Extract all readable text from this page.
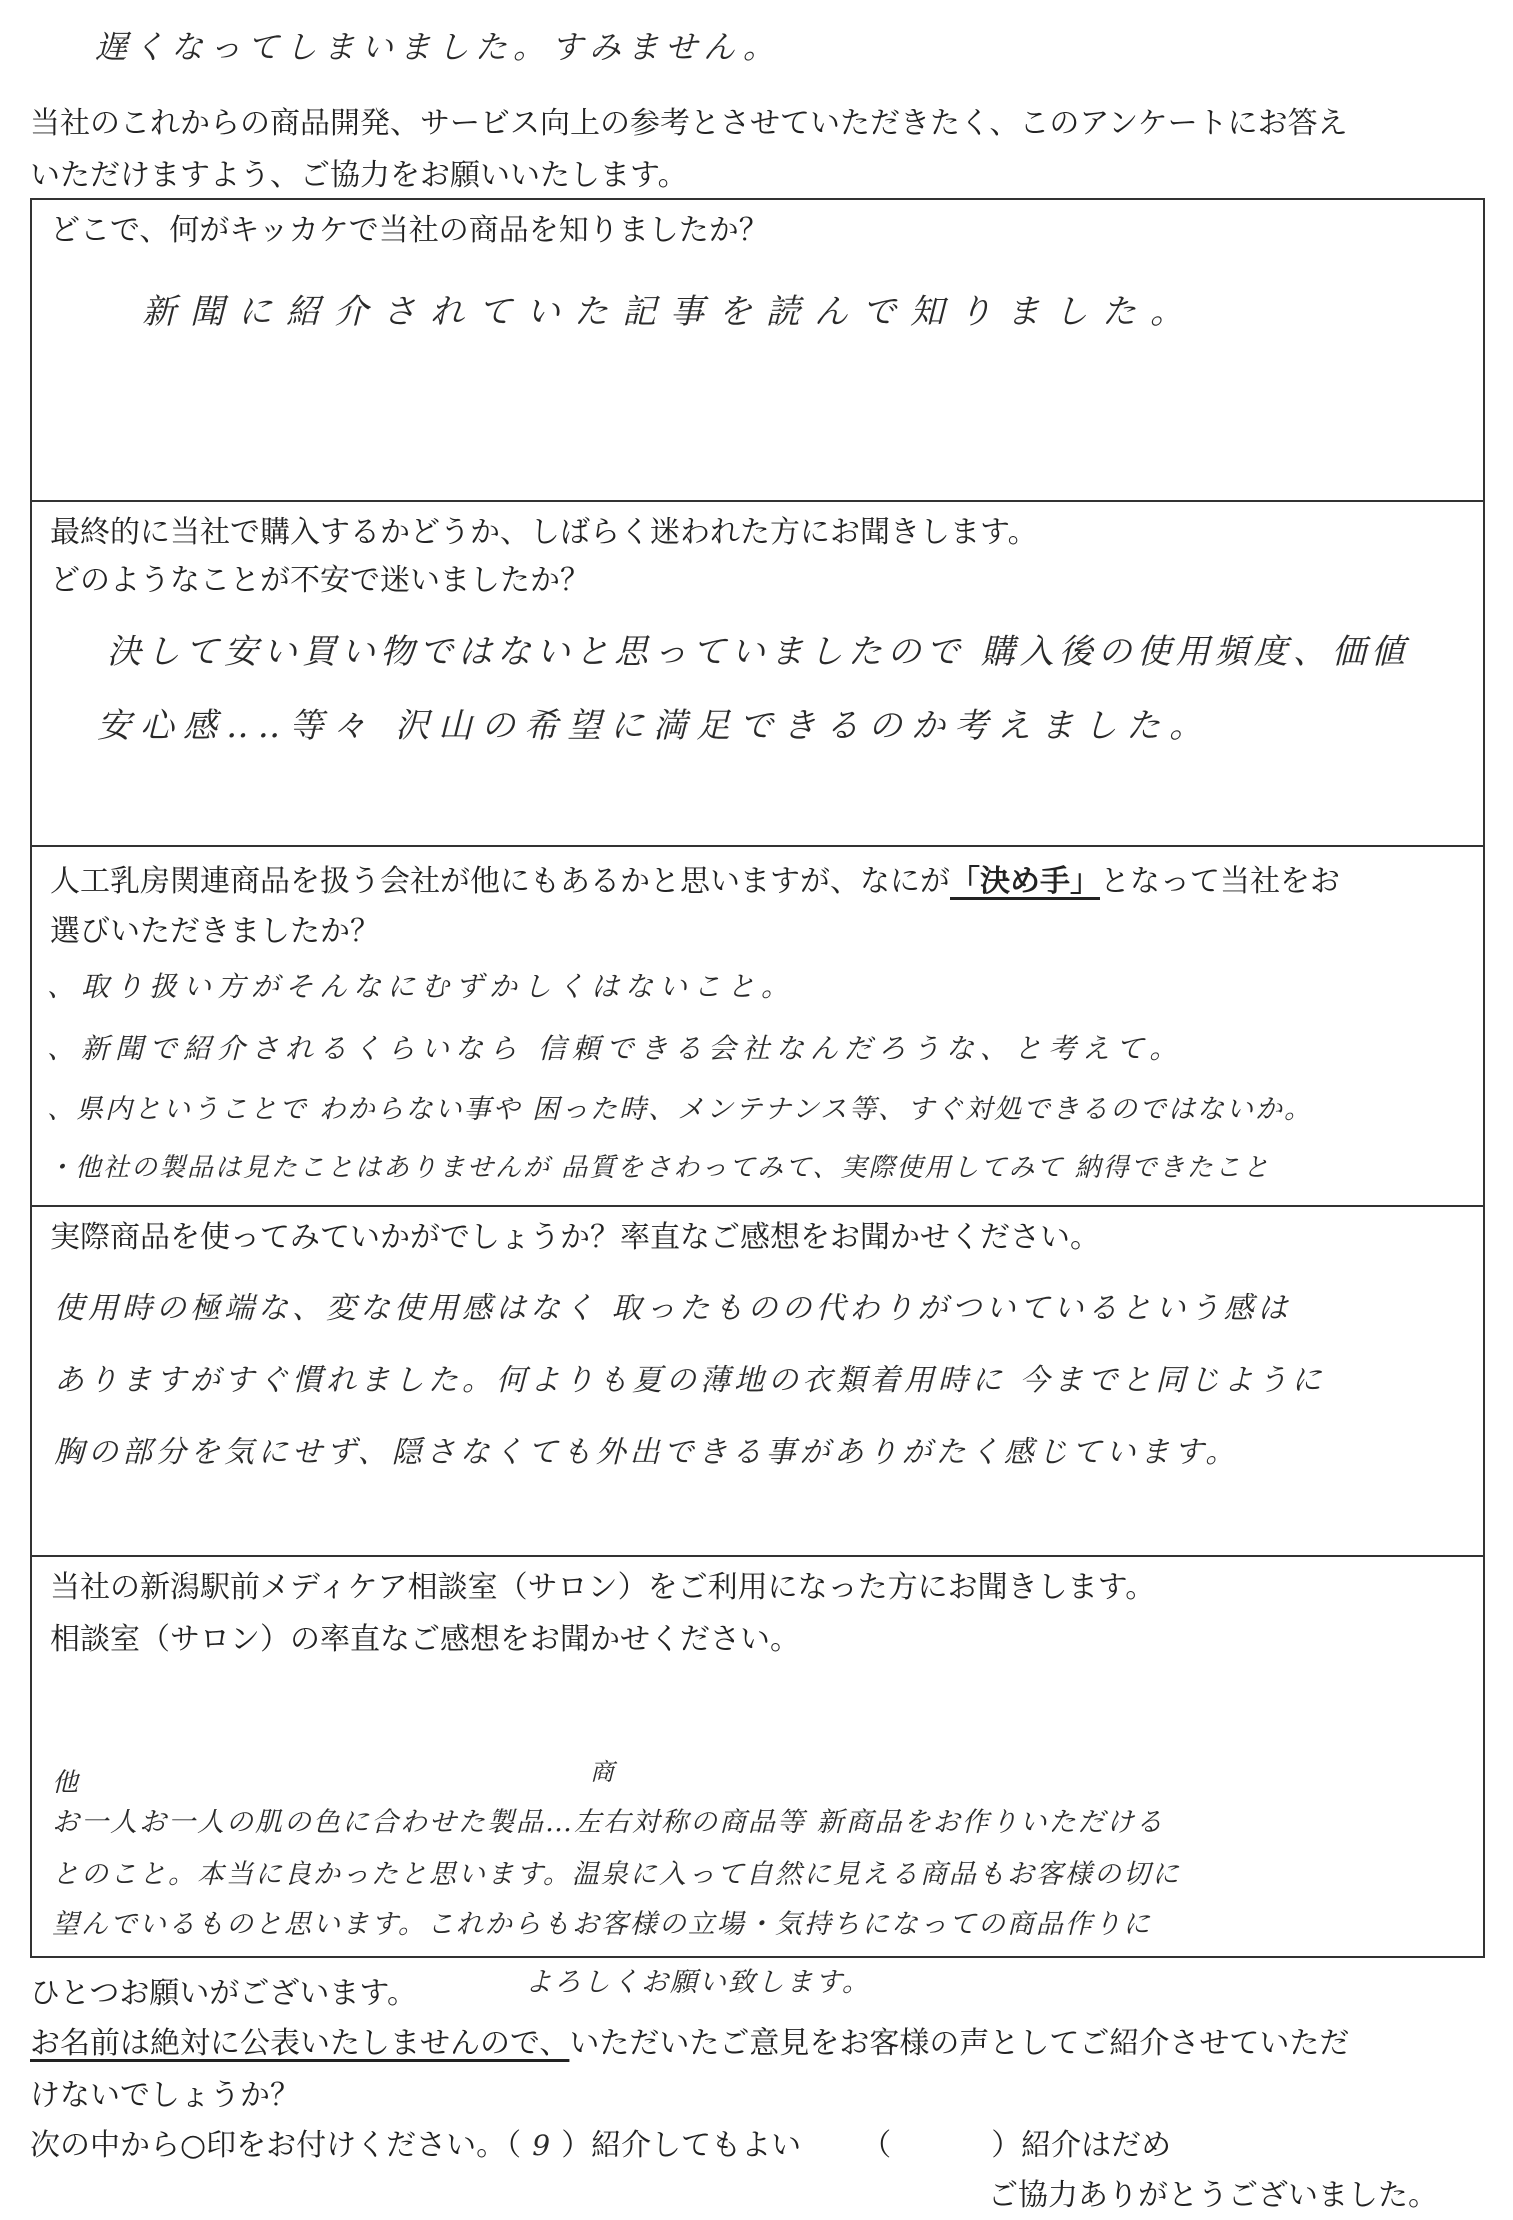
遅くなってしまいました。すみません。
当社のこれからの商品開発、サービス向上の参考とさせていただきたく、このアンケートにお答え
いただけますよう、ご協力をお願いいたします。
どこで、何がキッカケで当社の商品を知りましたか？
新聞に紹介されていた記事を読んで知りました。
最終的に当社で購入するかどうか、しばらく迷われた方にお聞きします。
どのようなことが不安で迷いましたか？
決して安い買い物ではないと思っていましたので 購入後の使用頻度、価値
安心感‥‥等々 沢山の希望に満足できるのか考えました。
人工乳房関連商品を扱う会社が他にもあるかと思いますが、なにが「決め手」となって当社をお
選びいただきましたか？
、取り扱い方がそんなにむずかしくはないこと。
、新聞で紹介されるくらいなら 信頼できる会社なんだろうな、と考えて。
、県内ということで わからない事や 困った時、メンテナンス等、すぐ対処できるのではないか。
・他社の製品は見たことはありませんが 品質をさわってみて、実際使用してみて 納得できたこと
実際商品を使ってみていかがでしょうか？率直なご感想をお聞かせください。
使用時の極端な、変な使用感はなく 取ったものの代わりがついているという感は
ありますがすぐ慣れました。何よりも夏の薄地の衣類着用時に 今までと同じように
胸の部分を気にせず、隠さなくても外出できる事がありがたく感じています。
当社の新潟駅前メディケア相談室（サロン）をご利用になった方にお聞きします。
相談室（サロン）の率直なご感想をお聞かせください。
他	商
お一人お一人の肌の色に合わせた製品…左右対称の商品等 新商品をお作りいただける
とのこと。本当に良かったと思います。温泉に入って自然に見える商品もお客様の切に
望んでいるものと思います。これからもお客様の立場・気持ちになっての商品作りに
ひとつお願いがございます。	よろしくお願い致します。
お名前は絶対に公表いたしませんので、いただいたご意見をお客様の声としてご紹介させていただ
けないでしょうか？
次の中から○印をお付けください。（ 9 ）紹介してもよい （	）紹介はだめ
ご協力ありがとうございました。
